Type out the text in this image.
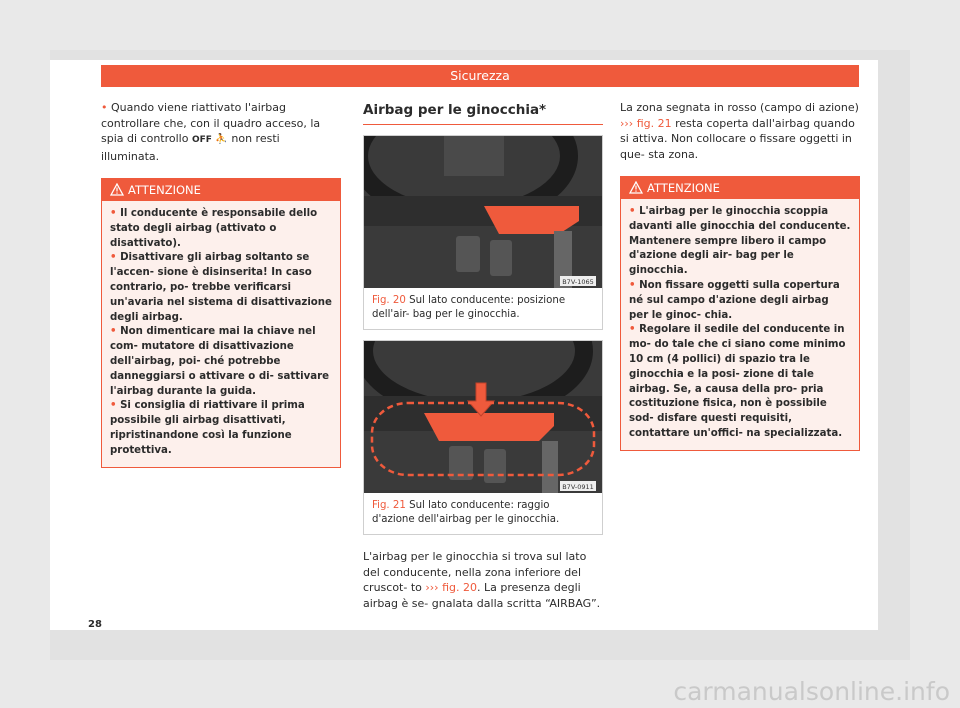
Sicurezza

• Quando viene riattivato l'airbag controllare che, con il quadro acceso, la spia di controllo OFF ⛹ non resti illuminata.

ATTENZIONE

• Il conducente è responsabile dello stato degli airbag (attivato o disattivato).

• Disattivare gli airbag soltanto se l'accen- sione è disinserita! In caso contrario, po- trebbe verificarsi un'avaria nel sistema di disattivazione degli airbag.

• Non dimenticare mai la chiave nel com- mutatore di disattivazione dell'airbag, poi- ché potrebbe danneggiarsi o attivare o di- sattivare l'airbag durante la guida.

• Si consiglia di riattivare il prima possibile gli airbag disattivati, ripristinandone così la funzione protettiva.

Airbag per le ginocchia*
B7V-1065
Fig. 20 Sul lato conducente: posizione dell'air- bag per le ginocchia.
B7V-0911
Fig. 21 Sul lato conducente: raggio d'azione dell'airbag per le ginocchia.

L'airbag per le ginocchia si trova sul lato del conducente, nella zona inferiore del cruscot- to ››› fig. 20. La presenza degli airbag è se- gnalata dalla scritta “AIRBAG”.

La zona segnata in rosso (campo di azione) ››› fig. 21 resta coperta dall'airbag quando si attiva. Non collocare o fissare oggetti in que- sta zona.

ATTENZIONE

• L'airbag per le ginocchia scoppia davanti alle ginocchia del conducente. Mantenere sempre libero il campo d'azione degli air- bag per le ginocchia.

• Non fissare oggetti sulla copertura né sul campo d'azione degli airbag per le ginoc- chia.

• Regolare il sedile del conducente in mo- do tale che ci siano come minimo 10 cm (4 pollici) di spazio tra le ginocchia e la posi- zione di tale airbag. Se, a causa della pro- pria costituzione fisica, non è possibile sod- disfare questi requisiti, contattare un'offici- na specializzata.

28
carmanualsonline.info
